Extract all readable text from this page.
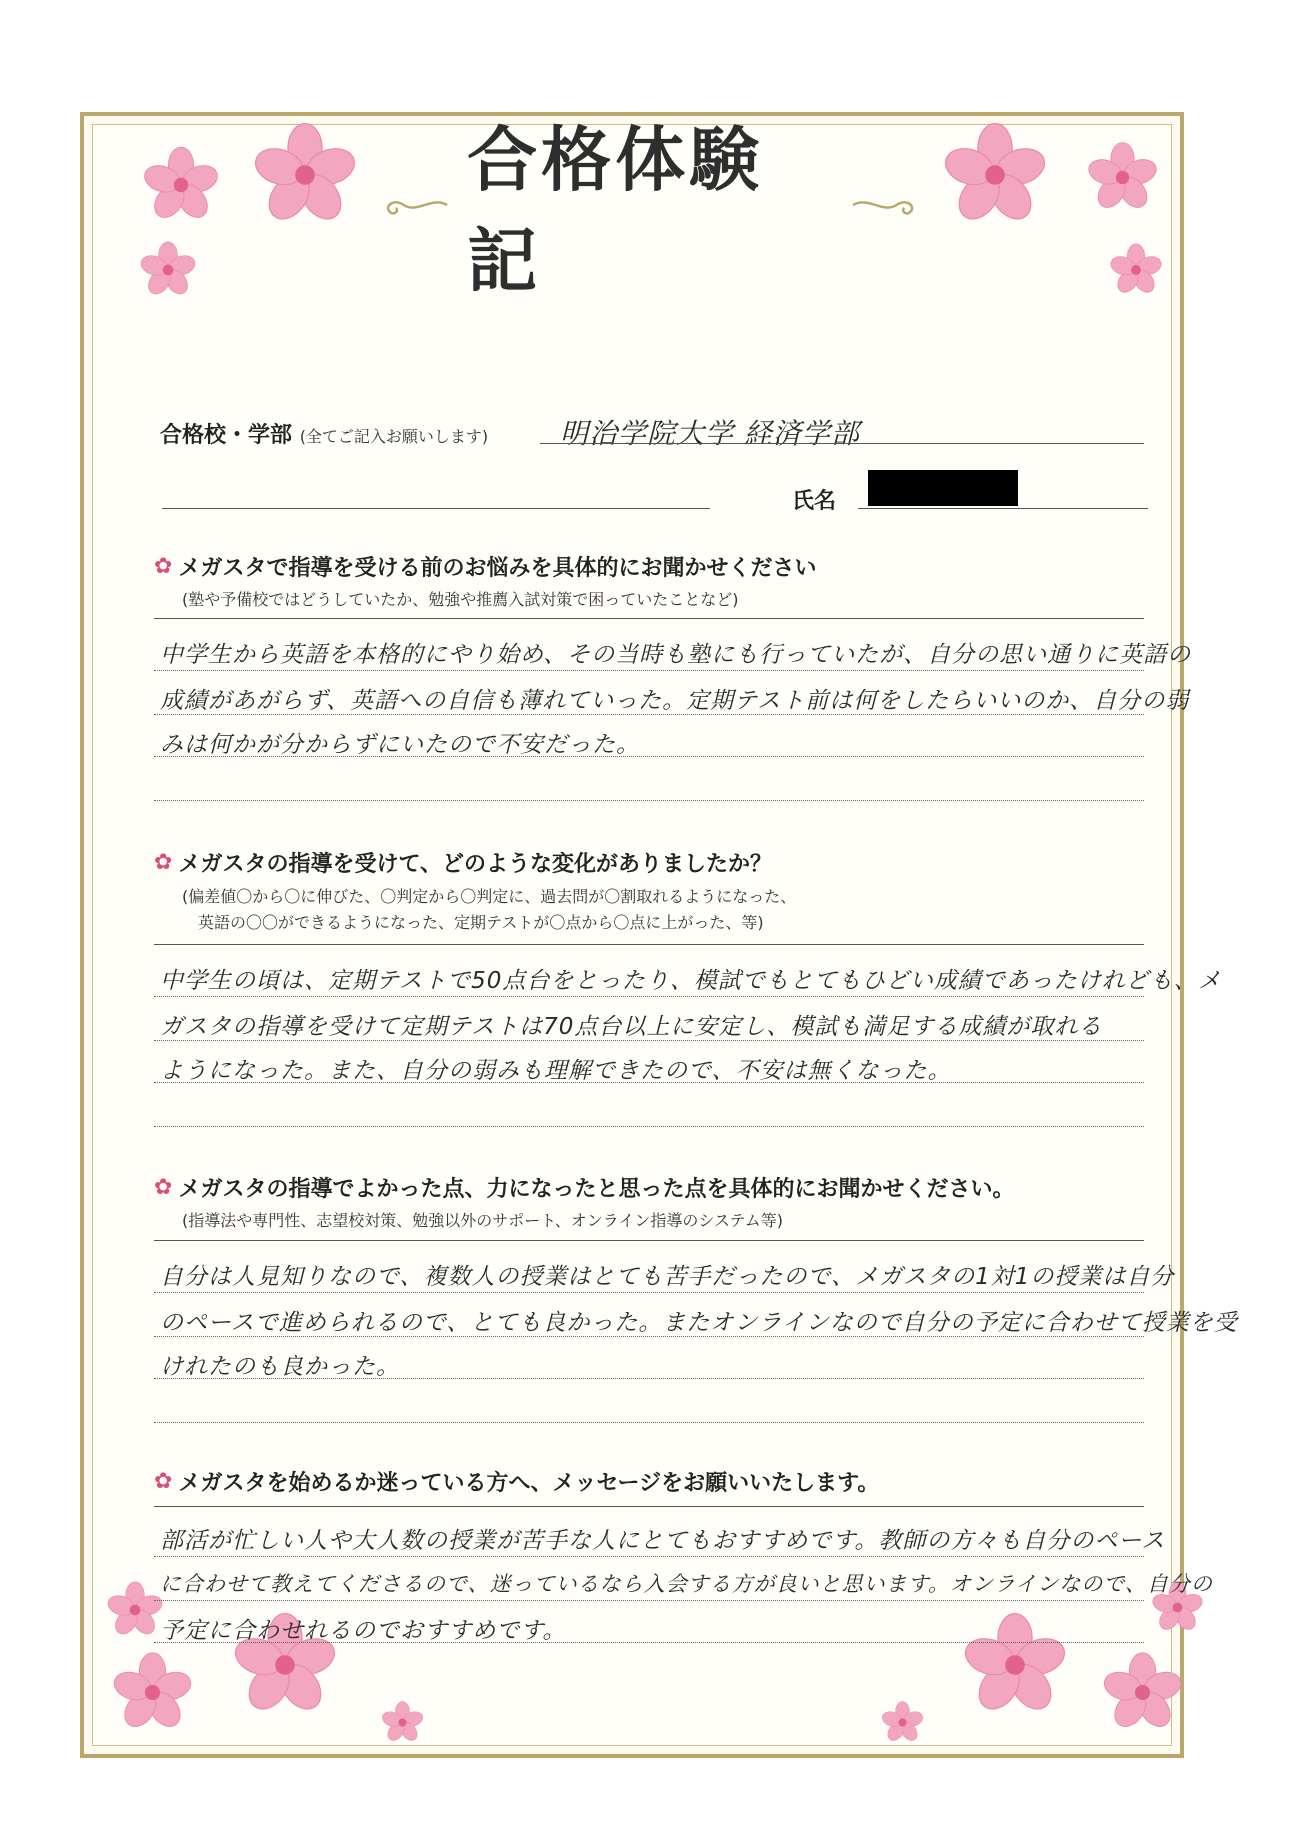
合格体験記
合格校・学部 (全てご記入お願いします)	明治学院大学 経済学部
氏名
✿ メガスタで指導を受ける前のお悩みを具体的にお聞かせください
(塾や予備校ではどうしていたか、勉強や推薦入試対策で困っていたことなど)
中学生から英語を本格的にやり始め、その当時も塾にも行っていたが、自分の思い通りに英語の
成績があがらず、英語への自信も薄れていった。定期テスト前は何をしたらいいのか、自分の弱
みは何かが分からずにいたので不安だった。
✿ メガスタの指導を受けて、どのような変化がありましたか？
(偏差値〇から〇に伸びた、〇判定から〇判定に、過去問が〇割取れるようになった、
英語の〇〇ができるようになった、定期テストが〇点から〇点に上がった、等)
中学生の頃は、定期テストで50点台をとったり、模試でもとてもひどい成績であったけれども、メ
ガスタの指導を受けて定期テストは70点台以上に安定し、模試も満足する成績が取れる
ようになった。また、自分の弱みも理解できたので、不安は無くなった。
✿ メガスタの指導でよかった点、力になったと思った点を具体的にお聞かせください。
(指導法や専門性、志望校対策、勉強以外のサポート、オンライン指導のシステム等)
自分は人見知りなので、複数人の授業はとても苦手だったので、メガスタの1対1の授業は自分
のペースで進められるので、とても良かった。またオンラインなので自分の予定に合わせて授業を受
けれたのも良かった。
✿ メガスタを始めるか迷っている方へ、メッセージをお願いいたします。
部活が忙しい人や大人数の授業が苦手な人にとてもおすすめです。教師の方々も自分のペース
に合わせて教えてくださるので、迷っているなら入会する方が良いと思います。オンラインなので、自分の
予定に合わせれるのでおすすめです。
